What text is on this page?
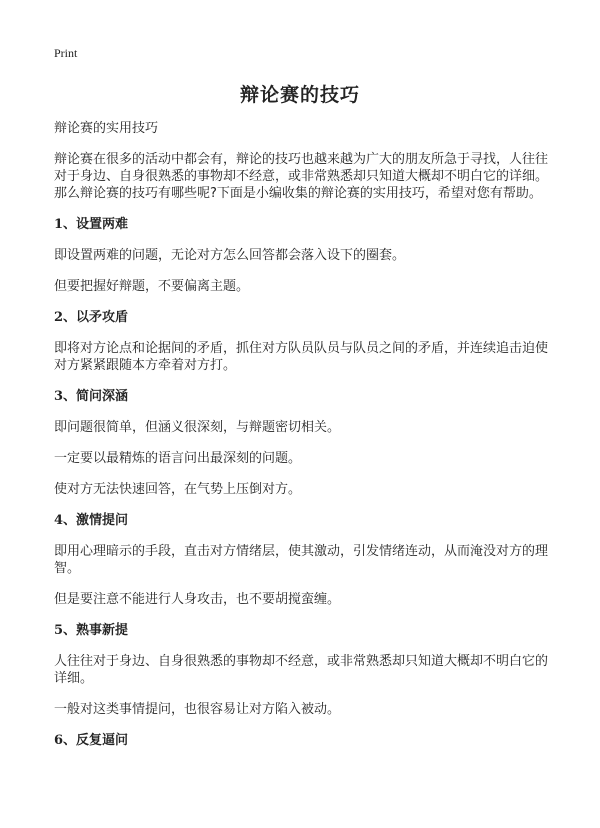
Print
辩论赛的技巧
辩论赛的实用技巧

辩论赛在很多的活动中都会有，辩论的技巧也越来越为广大的朋友所急于寻找，人往往对于身边、自身很熟悉的事物却不经意，或非常熟悉却只知道大概却不明白它的详细。那么辩论赛的技巧有哪些呢?下面是小编收集的辩论赛的实用技巧，希望对您有帮助。

1、设置两难

即设置两难的问题，无论对方怎么回答都会落入设下的圈套。

但要把握好辩题，不要偏离主题。

2、以矛攻盾

即将对方论点和论据间的矛盾，抓住对方队员队员与队员之间的矛盾，并连续追击迫使对方紧紧跟随本方牵着对方打。

3、简问深涵

即问题很简单，但涵义很深刻，与辩题密切相关。

一定要以最精炼的语言问出最深刻的问题。

使对方无法快速回答，在气势上压倒对方。

4、激情提问

即用心理暗示的手段，直击对方情绪层，使其激动，引发情绪连动，从而淹没对方的理智。

但是要注意不能进行人身攻击，也不要胡搅蛮缠。

5、熟事新提

人往往对于身边、自身很熟悉的事物却不经意，或非常熟悉却只知道大概却不明白它的详细。

一般对这类事情提问，也很容易让对方陷入被动。

6、反复逼问
